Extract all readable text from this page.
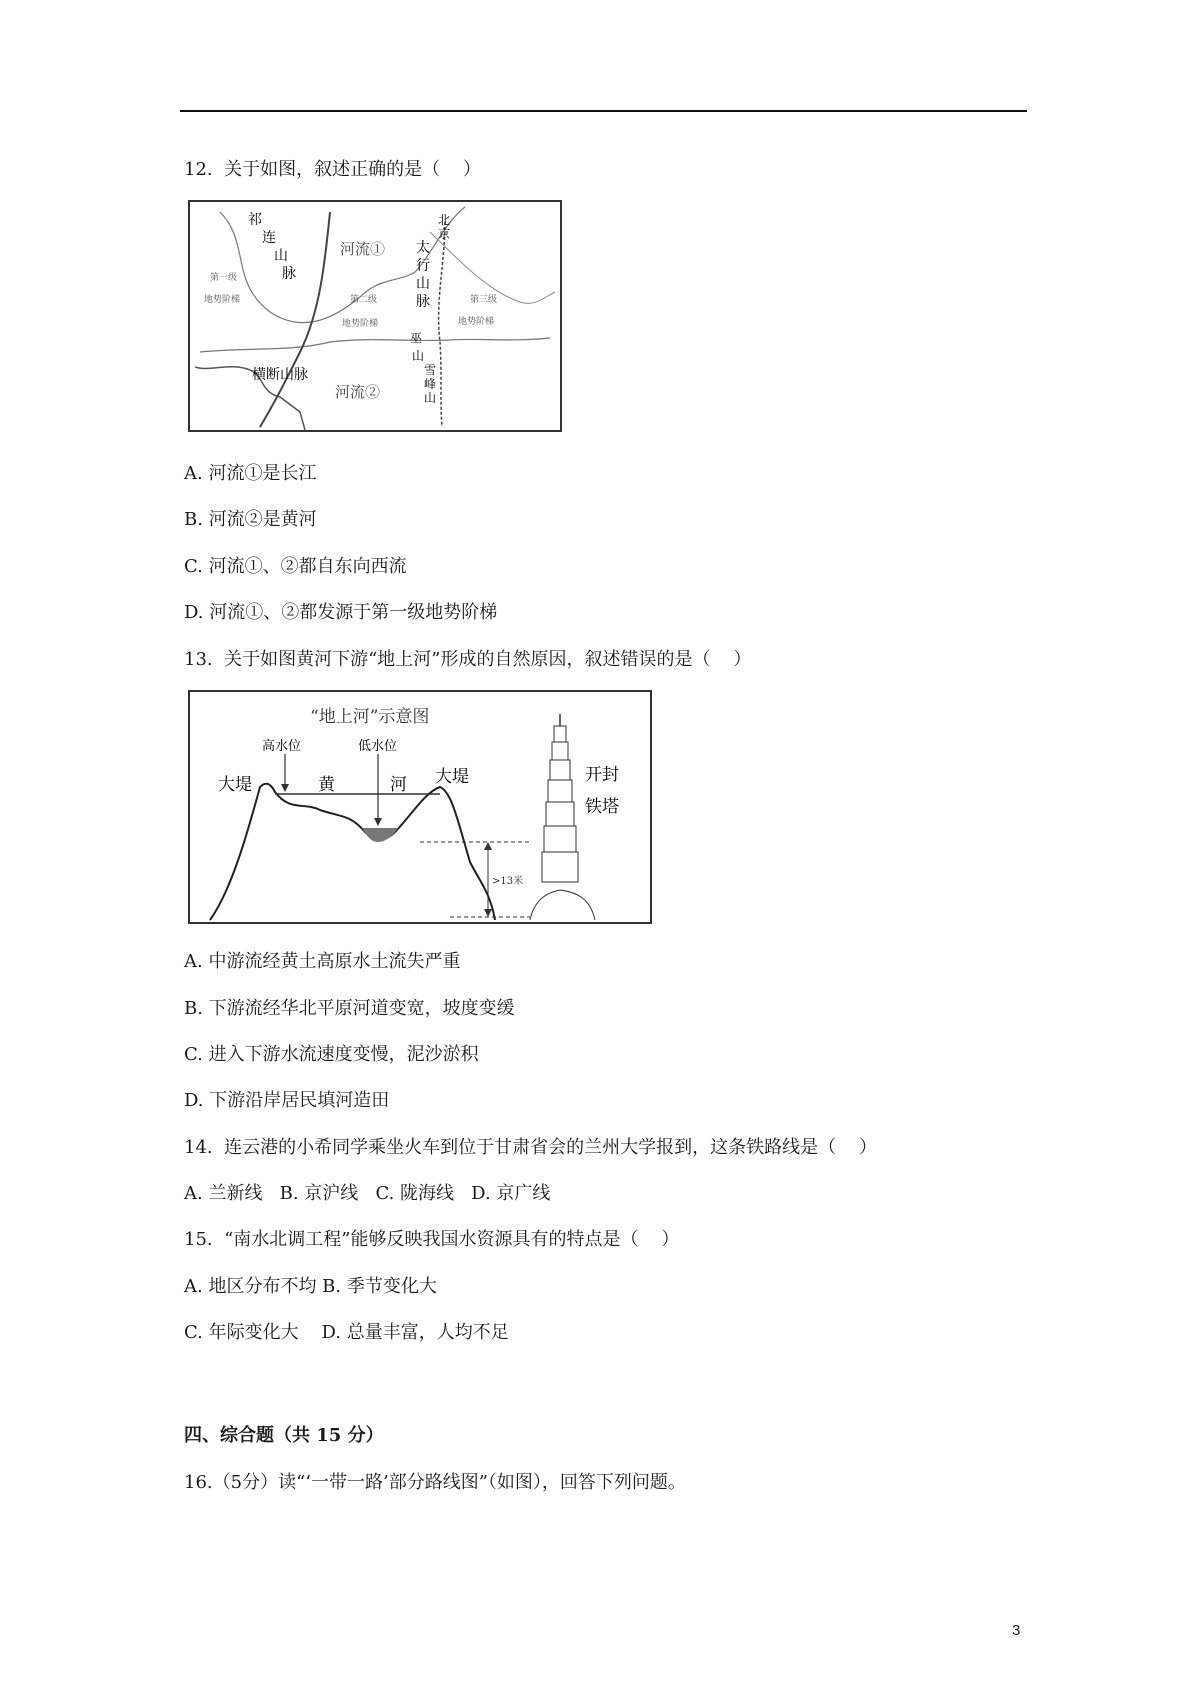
12.  关于如图，叙述正确的是（    ）
祁
连
山
脉
北
京
太
行
山
脉
河流①
河流②
第一级
地势阶梯	第二级
地势阶梯
第三级
地势阶梯
巫
山
雪
峰
山
横断山脉
A. 河流①是长江
B. 河流②是黄河
C. 河流①、②都自东向西流
D. 河流①、②都发源于第一级地势阶梯
13.  关于如图黄河下游“地上河”形成的自然原因，叙述错误的是（    ）
“地上河”示意图
>13米
大堤	大堤
高水位	低水位
黄	河	开封
铁塔
A. 中游流经黄土高原水土流失严重
B. 下游流经华北平原河道变宽，坡度变缓
C. 进入下游水流速度变慢，泥沙淤积
D. 下游沿岸居民填河造田
14.  连云港的小希同学乘坐火车到位于甘肃省会的兰州大学报到，这条铁路线是（    ）
A. 兰新线   B. 京沪线   C. 陇海线   D. 京广线
15.  “南水北调工程”能够反映我国水资源具有的特点是（    ）
A. 地区分布不均 B. 季节变化大
C. 年际变化大    D. 总量丰富，人均不足
四、综合题（共 15 分）
16.（5分）读“‘一带一路’部分路线图”（如图），回答下列问题。
3
